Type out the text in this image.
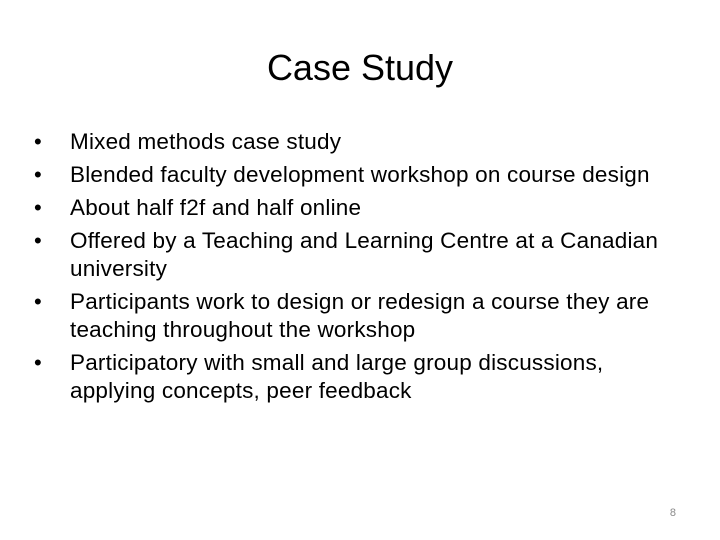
Case Study
•	Mixed methods case study
•	Blended faculty development workshop on course design
•	About half f2f and half online
•	Offered by a Teaching and Learning Centre at a Canadian university
•	Participants work to design or redesign a course they are teaching throughout the workshop
•	Participatory with small and large group discussions, applying concepts, peer feedback
8
